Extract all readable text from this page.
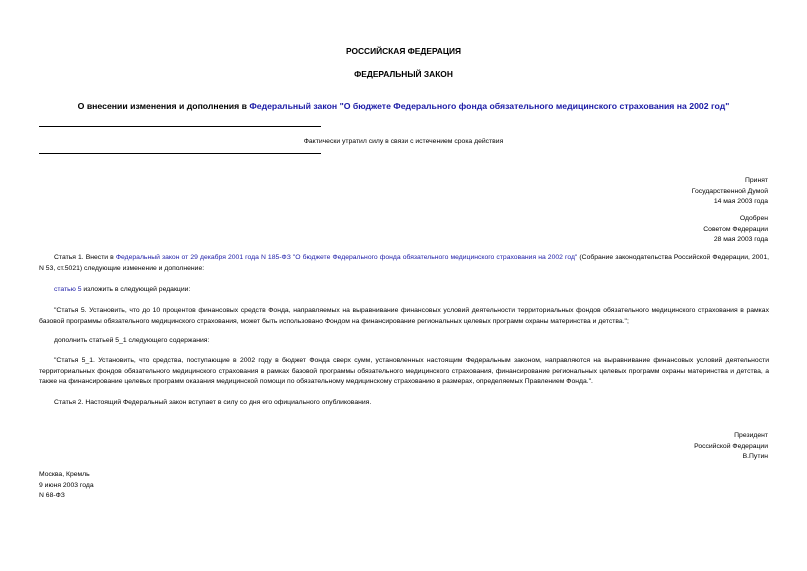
РОССИЙСКАЯ ФЕДЕРАЦИЯ
ФЕДЕРАЛЬНЫЙ ЗАКОН
О внесении изменения и дополнения в Федеральный закон "О бюджете Федерального фонда обязательного медицинского страхования на 2002 год"
Фактически утратил силу в связи с истечением срока действия
Принят
Государственной Думой
14 мая 2003 года
Одобрен
Советом Федерации
28 мая 2003 года
Статья 1. Внести в Федеральный закон от 29 декабря 2001 года N 185-ФЗ "О бюджете Федерального фонда обязательного медицинского страхования на 2002 год" (Собрание законодательства Российской Федерации, 2001, N 53, ст.5021) следующие изменение и дополнение:
статью 5 изложить в следующей редакции:
"Статья 5. Установить, что до 10 процентов финансовых средств Фонда, направляемых на выравнивание финансовых условий деятельности территориальных фондов обязательного медицинского страхования в рамках базовой программы обязательного медицинского страхования, может быть использовано Фондом на финансирование региональных целевых программ охраны материнства и детства.";
дополнить статьей 5_1 следующего содержания:
"Статья 5_1. Установить, что средства, поступающие в 2002 году в бюджет Фонда сверх сумм, установленных настоящим Федеральным законом, направляются на выравнивание финансовых условий деятельности территориальных фондов обязательного медицинского страхования в рамках базовой программы обязательного медицинского страхования, финансирование региональных целевых программ охраны материнства и детства, а также на финансирование целевых программ оказания медицинской помощи по обязательному медицинскому страхованию в размерах, определяемых Правлением Фонда.".
Статья 2. Настоящий Федеральный закон вступает в силу со дня его официального опубликования.
Президент
Российской Федерации
В.Путин
Москва, Кремль
9 июня 2003 года
N 68-ФЗ
